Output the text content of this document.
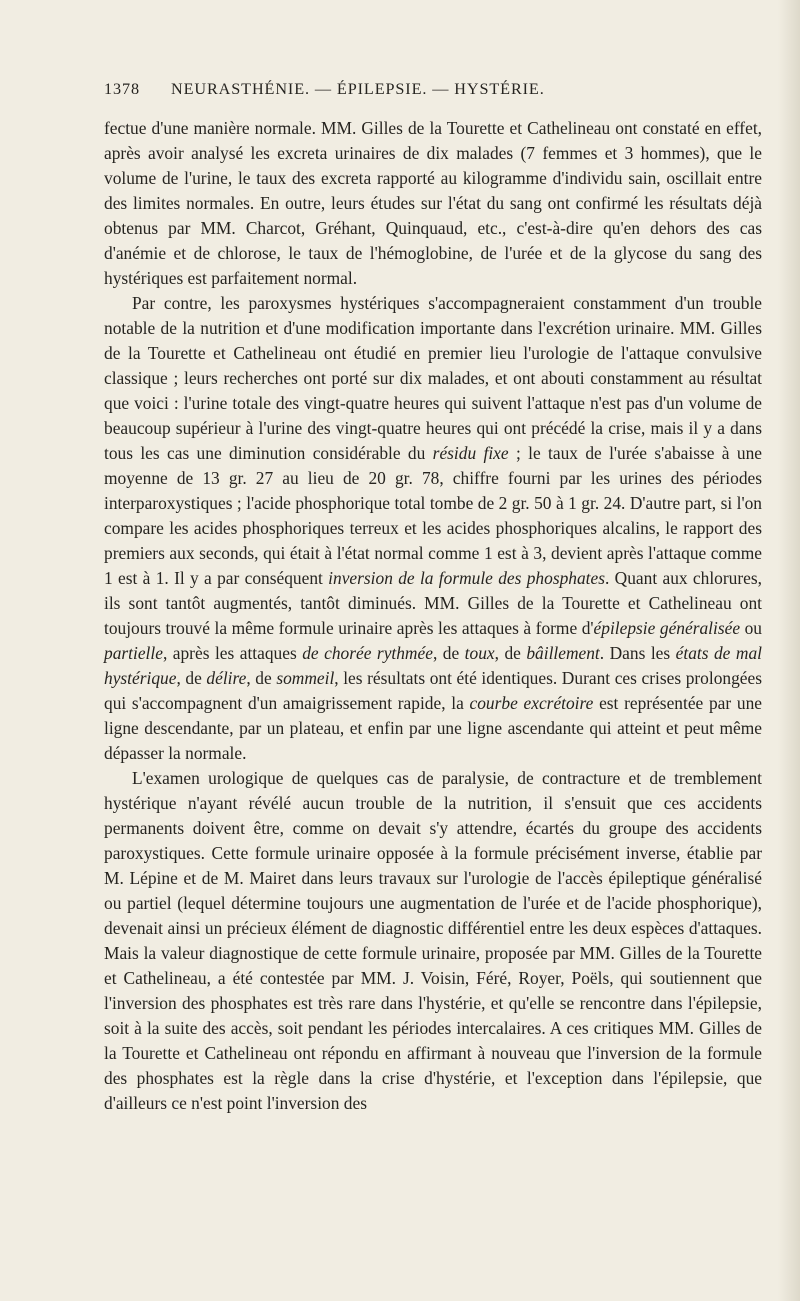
1378 NEURASTHÉNIE. — ÉPILEPSIE. — HYSTÉRIE.

fectue d'une manière normale. MM. Gilles de la Tourette et Cathelineau ont constaté en effet, après avoir analysé les excreta urinaires de dix malades (7 femmes et 3 hommes), que le volume de l'urine, le taux des excreta rapporté au kilogramme d'individu sain, oscillait entre des limites normales. En outre, leurs études sur l'état du sang ont confirmé les résultats déjà obtenus par MM. Charcot, Gréhant, Quinquaud, etc., c'est-à-dire qu'en dehors des cas d'anémie et de chlorose, le taux de l'hémoglobine, de l'urée et de la glycose du sang des hystériques est parfaitement normal.

Par contre, les paroxysmes hystériques s'accompagneraient constamment d'un trouble notable de la nutrition et d'une modification importante dans l'excrétion urinaire. MM. Gilles de la Tourette et Cathelineau ont étudié en premier lieu l'urologie de l'attaque convulsive classique ; leurs recherches ont porté sur dix malades, et ont abouti constamment au résultat que voici : l'urine totale des vingt-quatre heures qui suivent l'attaque n'est pas d'un volume de beaucoup supérieur à l'urine des vingt-quatre heures qui ont précédé la crise, mais il y a dans tous les cas une diminution considérable du résidu fixe ; le taux de l'urée s'abaisse à une moyenne de 13 gr. 27 au lieu de 20 gr. 78, chiffre fourni par les urines des périodes interparoxystiques ; l'acide phosphorique total tombe de 2 gr. 50 à 1 gr. 24. D'autre part, si l'on compare les acides phosphoriques terreux et les acides phosphoriques alcalins, le rapport des premiers aux seconds, qui était à l'état normal comme 1 est à 3, devient après l'attaque comme 1 est à 1. Il y a par conséquent inversion de la formule des phosphates. Quant aux chlorures, ils sont tantôt augmentés, tantôt diminués. MM. Gilles de la Tourette et Cathelineau ont toujours trouvé la même formule urinaire après les attaques à forme d'épilepsie généralisée ou partielle, après les attaques de chorée rythmée, de toux, de bâillement. Dans les états de mal hystérique, de délire, de sommeil, les résultats ont été identiques. Durant ces crises prolongées qui s'accompagnent d'un amaigrissement rapide, la courbe excrétoire est représentée par une ligne descendante, par un plateau, et enfin par une ligne ascendante qui atteint et peut même dépasser la normale.

L'examen urologique de quelques cas de paralysie, de contracture et de tremblement hystérique n'ayant révélé aucun trouble de la nutrition, il s'ensuit que ces accidents permanents doivent être, comme on devait s'y attendre, écartés du groupe des accidents paroxystiques. Cette formule urinaire opposée à la formule précisément inverse, établie par M. Lépine et de M. Mairet dans leurs travaux sur l'urologie de l'accès épileptique généralisé ou partiel (lequel détermine toujours une augmentation de l'urée et de l'acide phosphorique), devenait ainsi un précieux élément de diagnostic différentiel entre les deux espèces d'attaques. Mais la valeur diagnostique de cette formule urinaire, proposée par MM. Gilles de la Tourette et Cathelineau, a été contestée par MM. J. Voisin, Féré, Royer, Poëls, qui soutiennent que l'inversion des phosphates est très rare dans l'hystérie, et qu'elle se rencontre dans l'épilepsie, soit à la suite des accès, soit pendant les périodes intercalaires. A ces critiques MM. Gilles de la Tourette et Cathelineau ont répondu en affirmant à nouveau que l'inversion de la formule des phosphates est la règle dans la crise d'hystérie, et l'exception dans l'épilepsie, que d'ailleurs ce n'est point l'inversion des
